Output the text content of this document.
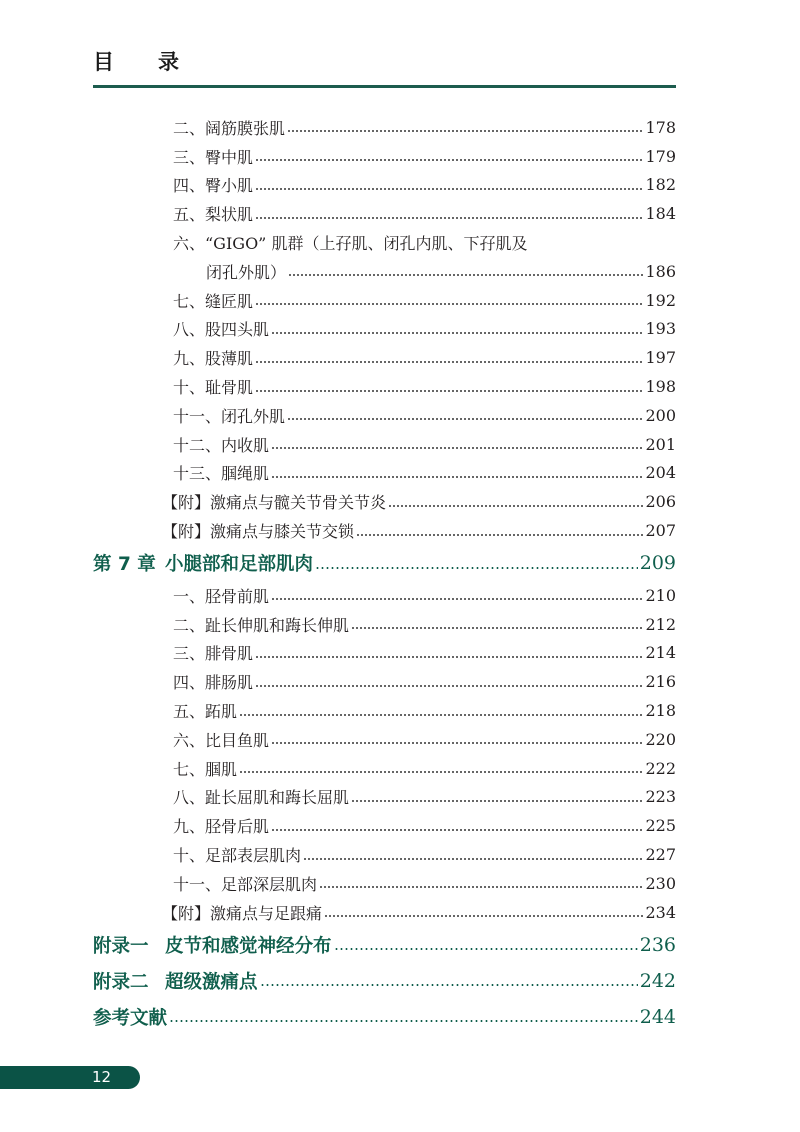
目 录
二、阔筋膜张肌	178
三、臀中肌	179
四、臀小肌	182
五、梨状肌	184
六、“GIGO” 肌群（上孖肌、闭孔内肌、下孖肌及
闭孔外肌）	186
七、缝匠肌	192
八、股四头肌	193
九、股薄肌	197
十、耻骨肌	198
十一、闭孔外肌	200
十二、内收肌	201
十三、腘绳肌	204
【附】激痛点与髋关节骨关节炎	206
【附】激痛点与膝关节交锁	207
第 7 章 小腿部和足部肌肉	209
一、胫骨前肌	210
二、趾长伸肌和踇长伸肌	212
三、腓骨肌	214
四、腓肠肌	216
五、跖肌	218
六、比目鱼肌	220
七、腘肌	222
八、趾长屈肌和踇长屈肌	223
九、胫骨后肌	225
十、足部表层肌肉	227
十一、足部深层肌肉	230
【附】激痛点与足跟痛	234
附录一 皮节和感觉神经分布	236
附录二 超级激痛点	242
参考文献	244
12
